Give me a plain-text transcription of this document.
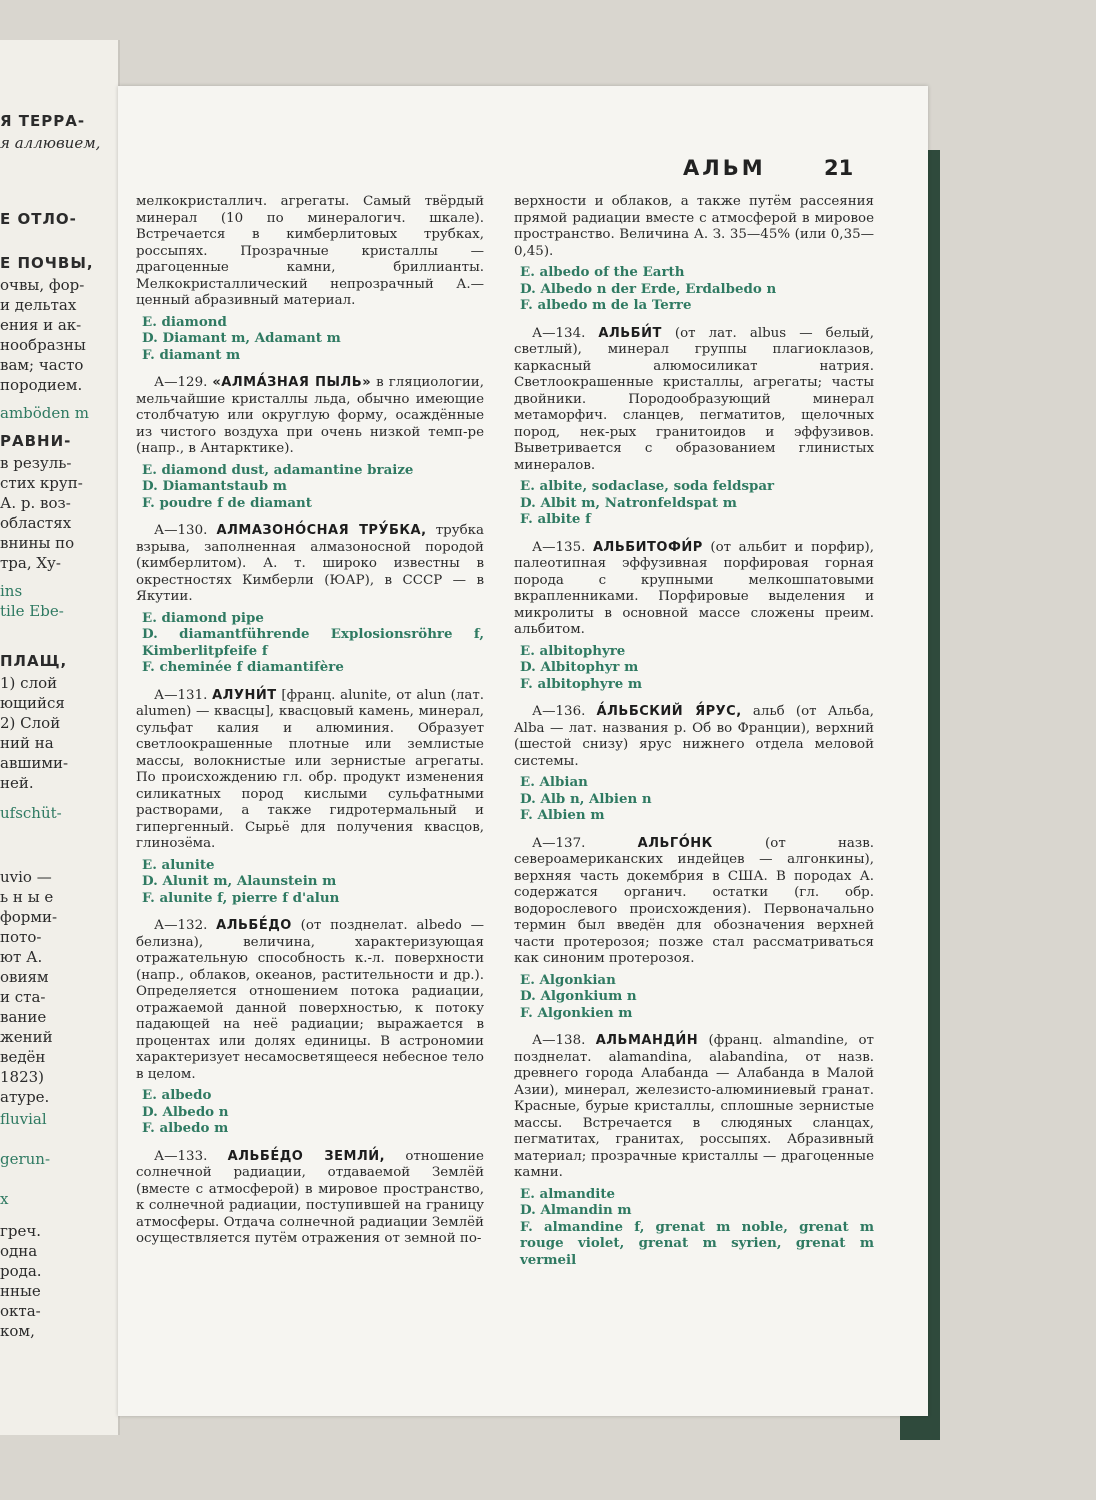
Я ТЕРРА-
я аллювием,
Е ОТЛО-
Е ПОЧВЫ,
очвы, фор-
и дельтах
ения и ак-
нообразны
вам; часто
породием.
amböden m
РАВНИ-
в резуль-
стих круп-
А. р. воз-
областях
внины по
тра, Ху-
ins
tile Ebe-
ПЛАЩ,
1) слой
ющийся
2) Слой
ний на
авшими-
ней.
ufschüt-
uvio —
ь н ы е
форми-
пото-
ют А.
овиям
и ста-
вание
жений
ведён
1823)
атуре.
fluvial
gerun-
x
греч.
одна
рода.
нные
окта-
ком,
АЛЬМ	21

мелкокристаллич. агрегаты. Самый твёрдый минерал (10 по минералогич. шкале). Встречается в кимберлитовых трубках, россыпях. Прозрачные кристаллы — драгоценные камни, бриллианты. Мелкокристаллический непрозрачный А.— ценный абразивный материал.

E. diamond
D. Diamant m, Adamant m
F. diamant m

А—129. «АЛМА́ЗНАЯ ПЫЛЬ» в гляциологии, мельчайшие кристаллы льда, обычно имеющие столбчатую или округлую форму, осаждённые из чистого воздуха при очень низкой темп-ре (напр., в Антарктике).

E. diamond dust, adamantine braize
D. Diamantstaub m
F. poudre f de diamant

А—130. АЛМАЗОНО́СНАЯ ТРУ́БКА, трубка взрыва, заполненная алмазоносной породой (кимберлитом). А. т. широко известны в окрестностях Кимберли (ЮАР), в СССР — в Якутии.

E. diamond pipe
D. diamantführende Explosionsröhre f, Kimberlitpfeife f
F. cheminée f diamantifère

А—131. АЛУНИ́Т [франц. alunite, от alun (лат. alumen) — квасцы], квасцовый камень, минерал, сульфат калия и алюминия. Образует светлоокрашенные плотные или землистые массы, волокнистые или зернистые агрегаты. По происхождению гл. обр. продукт изменения силикатных пород кислыми сульфатными растворами, а также гидротермальный и гипергенный. Сырьё для получения квасцов, глинозёма.

E. alunite
D. Alunit m, Alaunstein m
F. alunite f, pierre f d'alun

А—132. АЛЬБЕ́ДО (от позднелат. albedo — белизна), величина, характеризующая отражательную способность к.-л. поверхности (напр., облаков, океанов, растительности и др.). Определяется отношением потока радиации, отражаемой данной поверхностью, к потоку падающей на неё радиации; выражается в процентах или долях единицы. В астрономии характеризует несамосветящееся небесное тело в целом.

E. albedo
D. Albedo n
F. albedo m

А—133. АЛЬБЕ́ДО ЗЕМЛИ́, отношение солнечной радиации, отдаваемой Землёй (вместе с атмосферой) в мировое пространство, к солнечной радиации, поступившей на границу атмосферы. Отдача солнечной радиации Землёй осуществляется путём отражения от земной по-

верхности и облаков, а также путём рассеяния прямой радиации вместе с атмосферой в мировое пространство. Величина А. З. 35—45% (или 0,35—0,45).

E. albedo of the Earth
D. Albedo n der Erde, Erdalbedo n
F. albedo m de la Terre

А—134. АЛЬБИ́Т (от лат. albus — белый, светлый), минерал группы плагиоклазов, каркасный алюмосиликат натрия. Светлоокрашенные кристаллы, агрегаты; часты двойники. Породообразующий минерал метаморфич. сланцев, пегматитов, щелочных пород, нек-рых гранитоидов и эффузивов. Выветривается с образованием глинистых минералов.

E. albite, sodaclase, soda feldspar
D. Albit m, Natronfeldspat m
F. albite f

А—135. АЛЬБИТОФИ́Р (от альбит и порфир), палеотипная эффузивная порфировая горная порода с крупными мелкошпатовыми вкрапленниками. Порфировые выделения и микролиты в основной массе сложены преим. альбитом.

E. albitophyre
D. Albitophyr m
F. albitophyre m

А—136. А́ЛЬБСКИЙ Я́РУС, альб (от Альба, Alba — лат. названия р. Об во Франции), верхний (шестой снизу) ярус нижнего отдела меловой системы.

E. Albian
D. Alb n, Albien n
F. Albien m

А—137.	АЛЬГО́НК	(от назв. североамериканских индейцев — алгонкины), верхняя часть докембрия в США. В породах А. содержатся органич. остатки (гл. обр. водорослевого происхождения). Первоначально термин был введён для обозначения верхней части протерозоя; позже стал рассматриваться как синоним протерозоя.

E. Algonkian
D. Algonkium n
F. Algonkien m

А—138. АЛЬМАНДИ́Н (франц. almandine, от позднелат. alamandina, alabandina, от назв. древнего города Алабанда — Алабанда в Малой Азии), минерал, железисто-алюминиевый гранат. Красные, бурые кристаллы, сплошные зернистые массы. Встречается в слюдяных сланцах, пегматитах, гранитах, россыпях. Абразивный материал; прозрачные кристаллы — драгоценные камни.

E. almandite
D. Almandin m
F. almandine f, grenat m noble, grenat m rouge violet, grenat m syrien, grenat m vermeil
